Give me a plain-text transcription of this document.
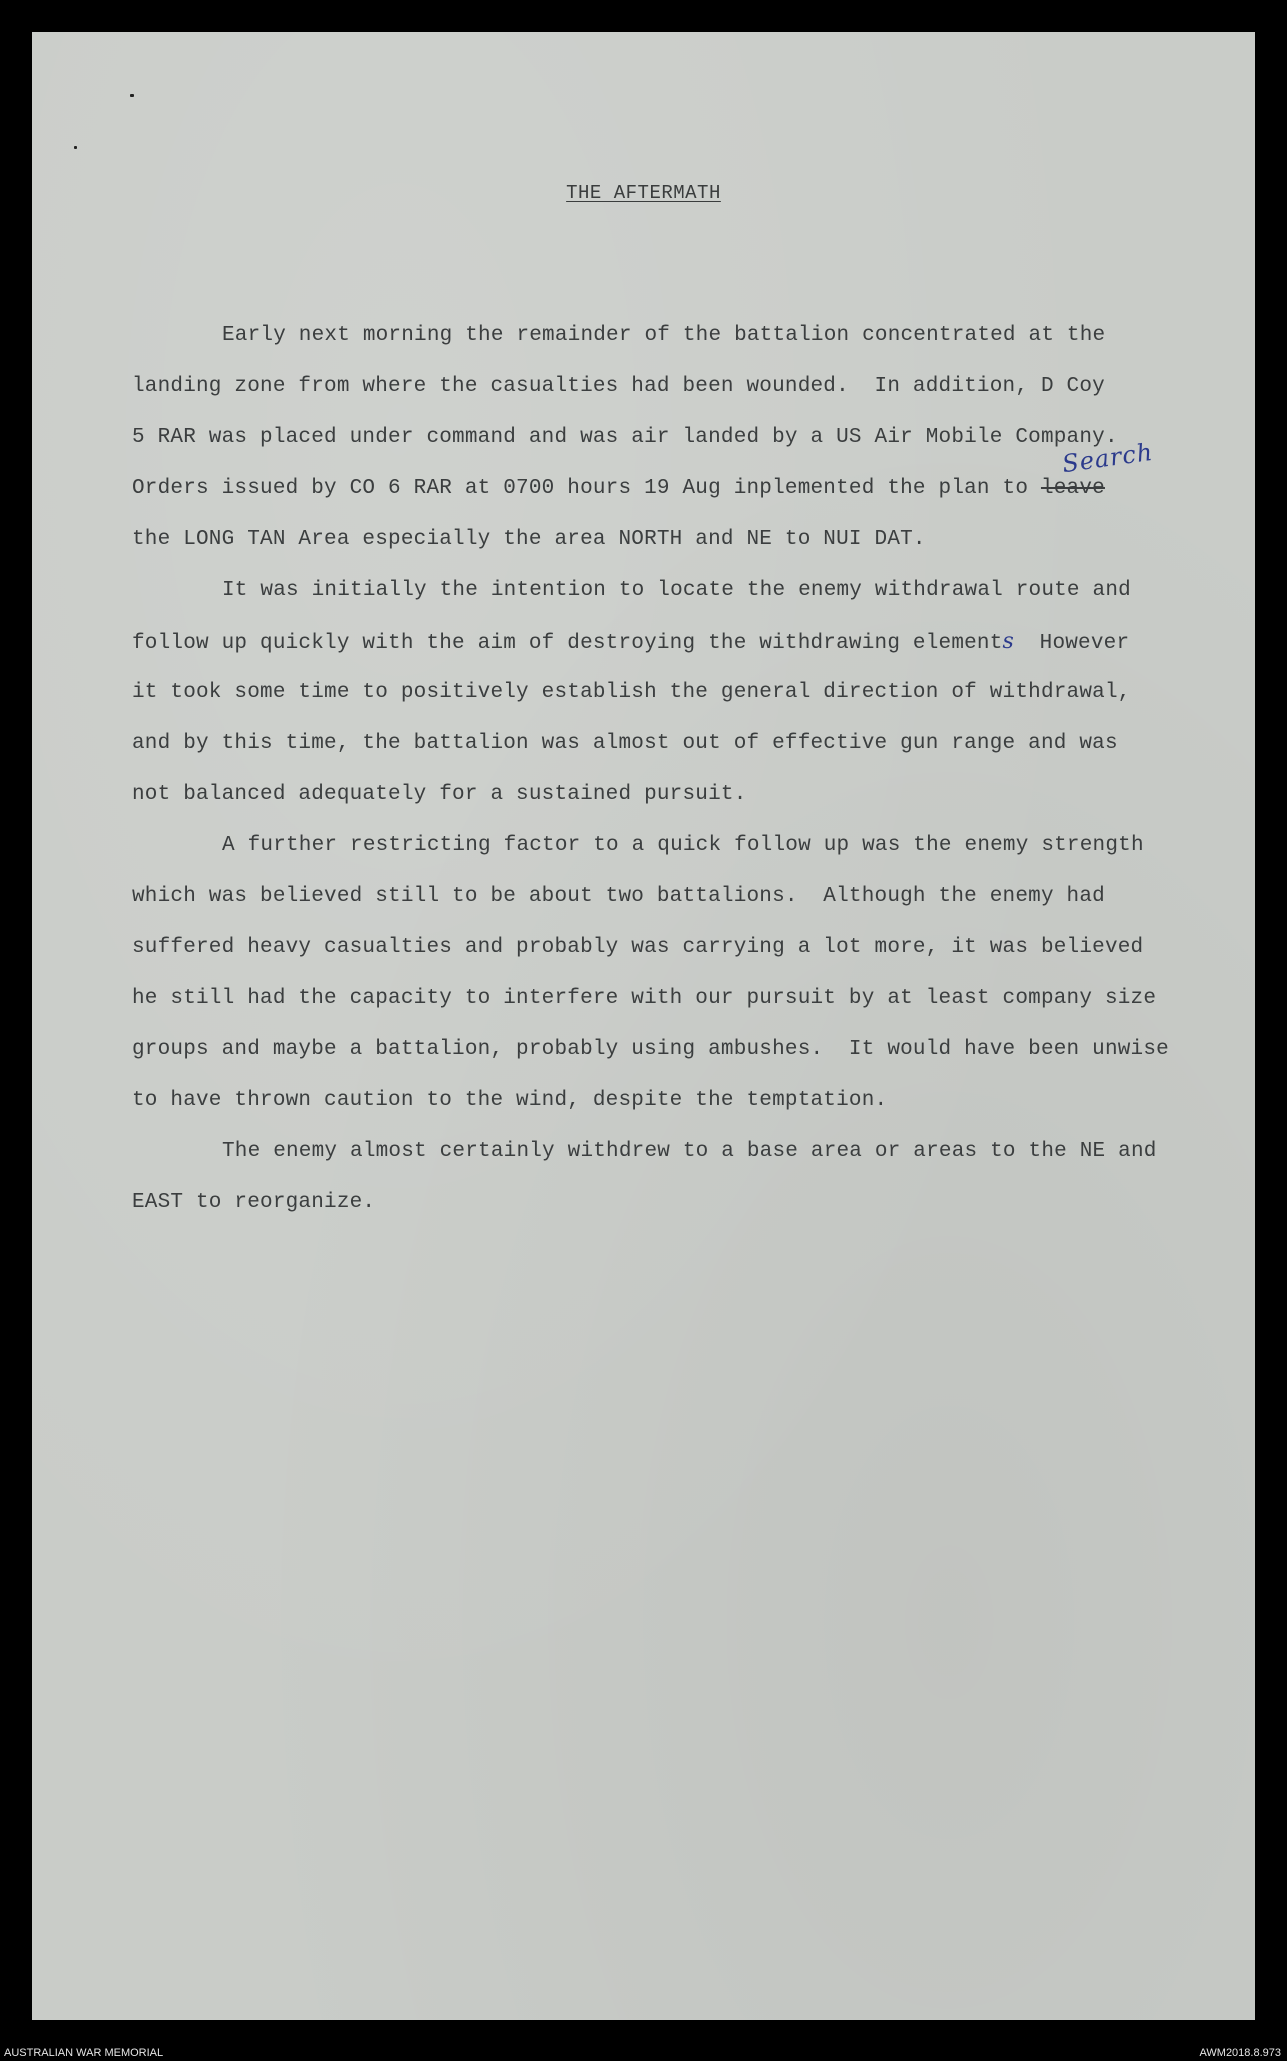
THE AFTERMATH
Search
Early next morning the remainder of the battalion concentrated at the
landing zone from where the casualties had been wounded.  In addition, D Coy
5 RAR was placed under command and was air landed by a US Air Mobile Company.
Orders issued by CO 6 RAR at 0700 hours 19 Aug inplemented the plan to leave
the LONG TAN Area especially the area NORTH and NE to NUI DAT.
It was initially the intention to locate the enemy withdrawal route and
follow up quickly with the aim of destroying the withdrawing elements  However
it took some time to positively establish the general direction of withdrawal,
and by this time, the battalion was almost out of effective gun range and was
not balanced adequately for a sustained pursuit.
A further restricting factor to a quick follow up was the enemy strength
which was believed still to be about two battalions.  Although the enemy had
suffered heavy casualties and probably was carrying a lot more, it was believed
he still had the capacity to interfere with our pursuit by at least company size
groups and maybe a battalion, probably using ambushes.  It would have been unwise
to have thrown caution to the wind, despite the temptation.
The enemy almost certainly withdrew to a base area or areas to the NE and
EAST to reorganize.
AUSTRALIAN WAR MEMORIAL	AWM2018.8.973
